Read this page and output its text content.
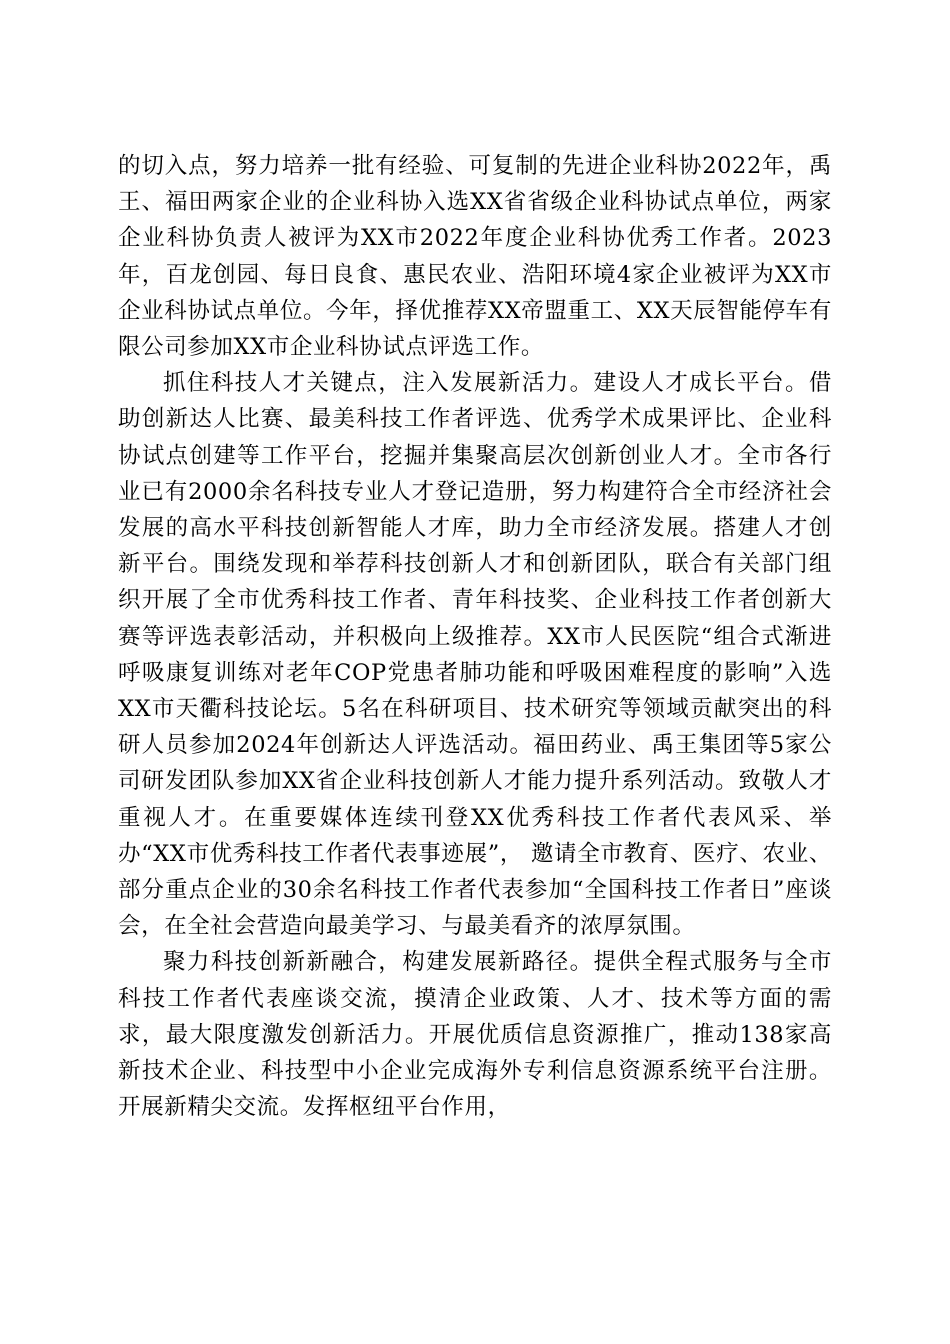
的切入点，努力培养一批有经验、可复制的先进企业科协2022年，禹王、福田两家企业的企业科协入选XX省省级企业科协试点单位，两家企业科协负责人被评为XX市2022年度企业科协优秀工作者。2023年，百龙创园、每日良食、惠民农业、浩阳环境4家企业被评为XX市企业科协试点单位。今年，择优推荐XX帝盟重工、XX天辰智能停车有限公司参加XX市企业科协试点评选工作。

抓住科技人才关键点，注入发展新活力。建设人才成长平台。借助创新达人比赛、最美科技工作者评选、优秀学术成果评比、企业科协试点创建等工作平台，挖掘并集聚高层次创新创业人才。全市各行业已有2000余名科技专业人才登记造册，努力构建符合全市经济社会发展的高水平科技创新智能人才库，助力全市经济发展。搭建人才创新平台。围绕发现和举荐科技创新人才和创新团队，联合有关部门组织开展了全市优秀科技工作者、青年科技奖、企业科技工作者创新大赛等评选表彰活动，并积极向上级推荐。XX市人民医院“组合式渐进呼吸康复训练对老年COP党患者肺功能和呼吸困难程度的影响”入选XX市天衢科技论坛。5名在科研项目、技术研究等领域贡献突出的科研人员参加2024年创新达人评选活动。福田药业、禹王集团等5家公司研发团队参加XX省企业科技创新人才能力提升系列活动。致敬人才重视人才。在重要媒体连续刊登XX优秀科技工作者代表风采、举办“XX市优秀科技工作者代表事迹展”， 邀请全市教育、医疗、农业、部分重点企业的30余名科技工作者代表参加“全国科技工作者日”座谈会，在全社会营造向最美学习、与最美看齐的浓厚氛围。

聚力科技创新新融合，构建发展新路径。提供全程式服务与全市科技工作者代表座谈交流，摸清企业政策、人才、技术等方面的需求，最大限度激发创新活力。开展优质信息资源推广，推动138家高新技术企业、科技型中小企业完成海外专利信息资源系统平台注册。开展新精尖交流。发挥枢纽平台作用，
